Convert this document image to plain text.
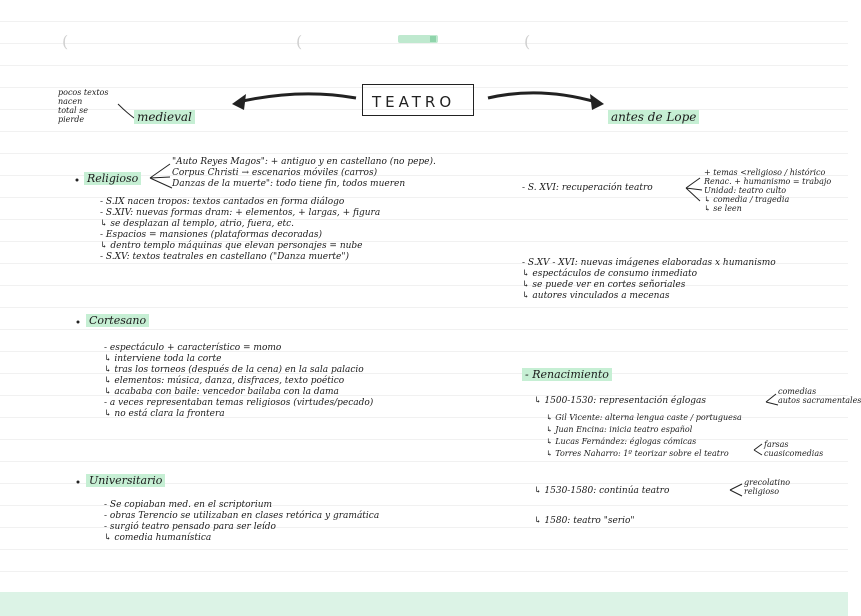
(	(	(
TEATRO
medieval	antes de Lope
pocos textos
nacen
total se
pierde
Religioso
"Auto Reyes Magos": + antiguo y en castellano (no pepe).
Corpus Christi → escenarios móviles (carros)
Danzas de la muerte": todo tiene fin, todos mueren
- S.IX nacen tropos: textos cantados en forma diálogo
- S.XIV: nuevas formas dram: + elementos, + largas, + figura
↳ se desplazan al templo, atrio, fuera, etc.
- Espacios = mansiones (plataformas decoradas)
↳ dentro templo máquinas que elevan personajes = nube
- S.XV: textos teatrales en castellano ("Danza muerte")
Cortesano
- espectáculo + característico = momo
↳ interviene toda la corte
↳ tras los torneos (después de la cena) en la sala palacio
↳ elementos: música, danza, disfraces, texto poético
↳ acababa con baile: vencedor bailaba con la dama
- a veces representaban temas religiosos (virtudes/pecado)
↳ no está clara la frontera
Universitario
- Se copiaban med. en el scriptorium
- obras Terencio se utilizaban en clases retórica y gramática
- surgió teatro pensado para ser leído
↳ comedia humanística
- S. XVI: recuperación teatro
+ temas <religioso / histórico
Renac. + humanismo = trabajo
Unidad: teatro culto
↳ comedia / tragedia
↳ se leen
- S.XV - XVI: nuevas imágenes elaboradas x humanismo
↳ espectáculos de consumo inmediato
↳ se puede ver en cortes señoriales
↳ autores vinculados a mecenas
- Renacimiento
↳ 1500-1530: representación églogas
comedias
autos sacramentales
↳ Gil Vicente: alterna lengua caste / portuguesa
↳ Juan Encina: inicia teatro español
↳ Lucas Fernández: églogas cómicas
↳ Torres Naharro: 1º teorizar sobre el teatro
farsas
cuasicomedias
↳ 1530-1580: continúa teatro
grecolatino
religioso
↳ 1580: teatro "serio"
